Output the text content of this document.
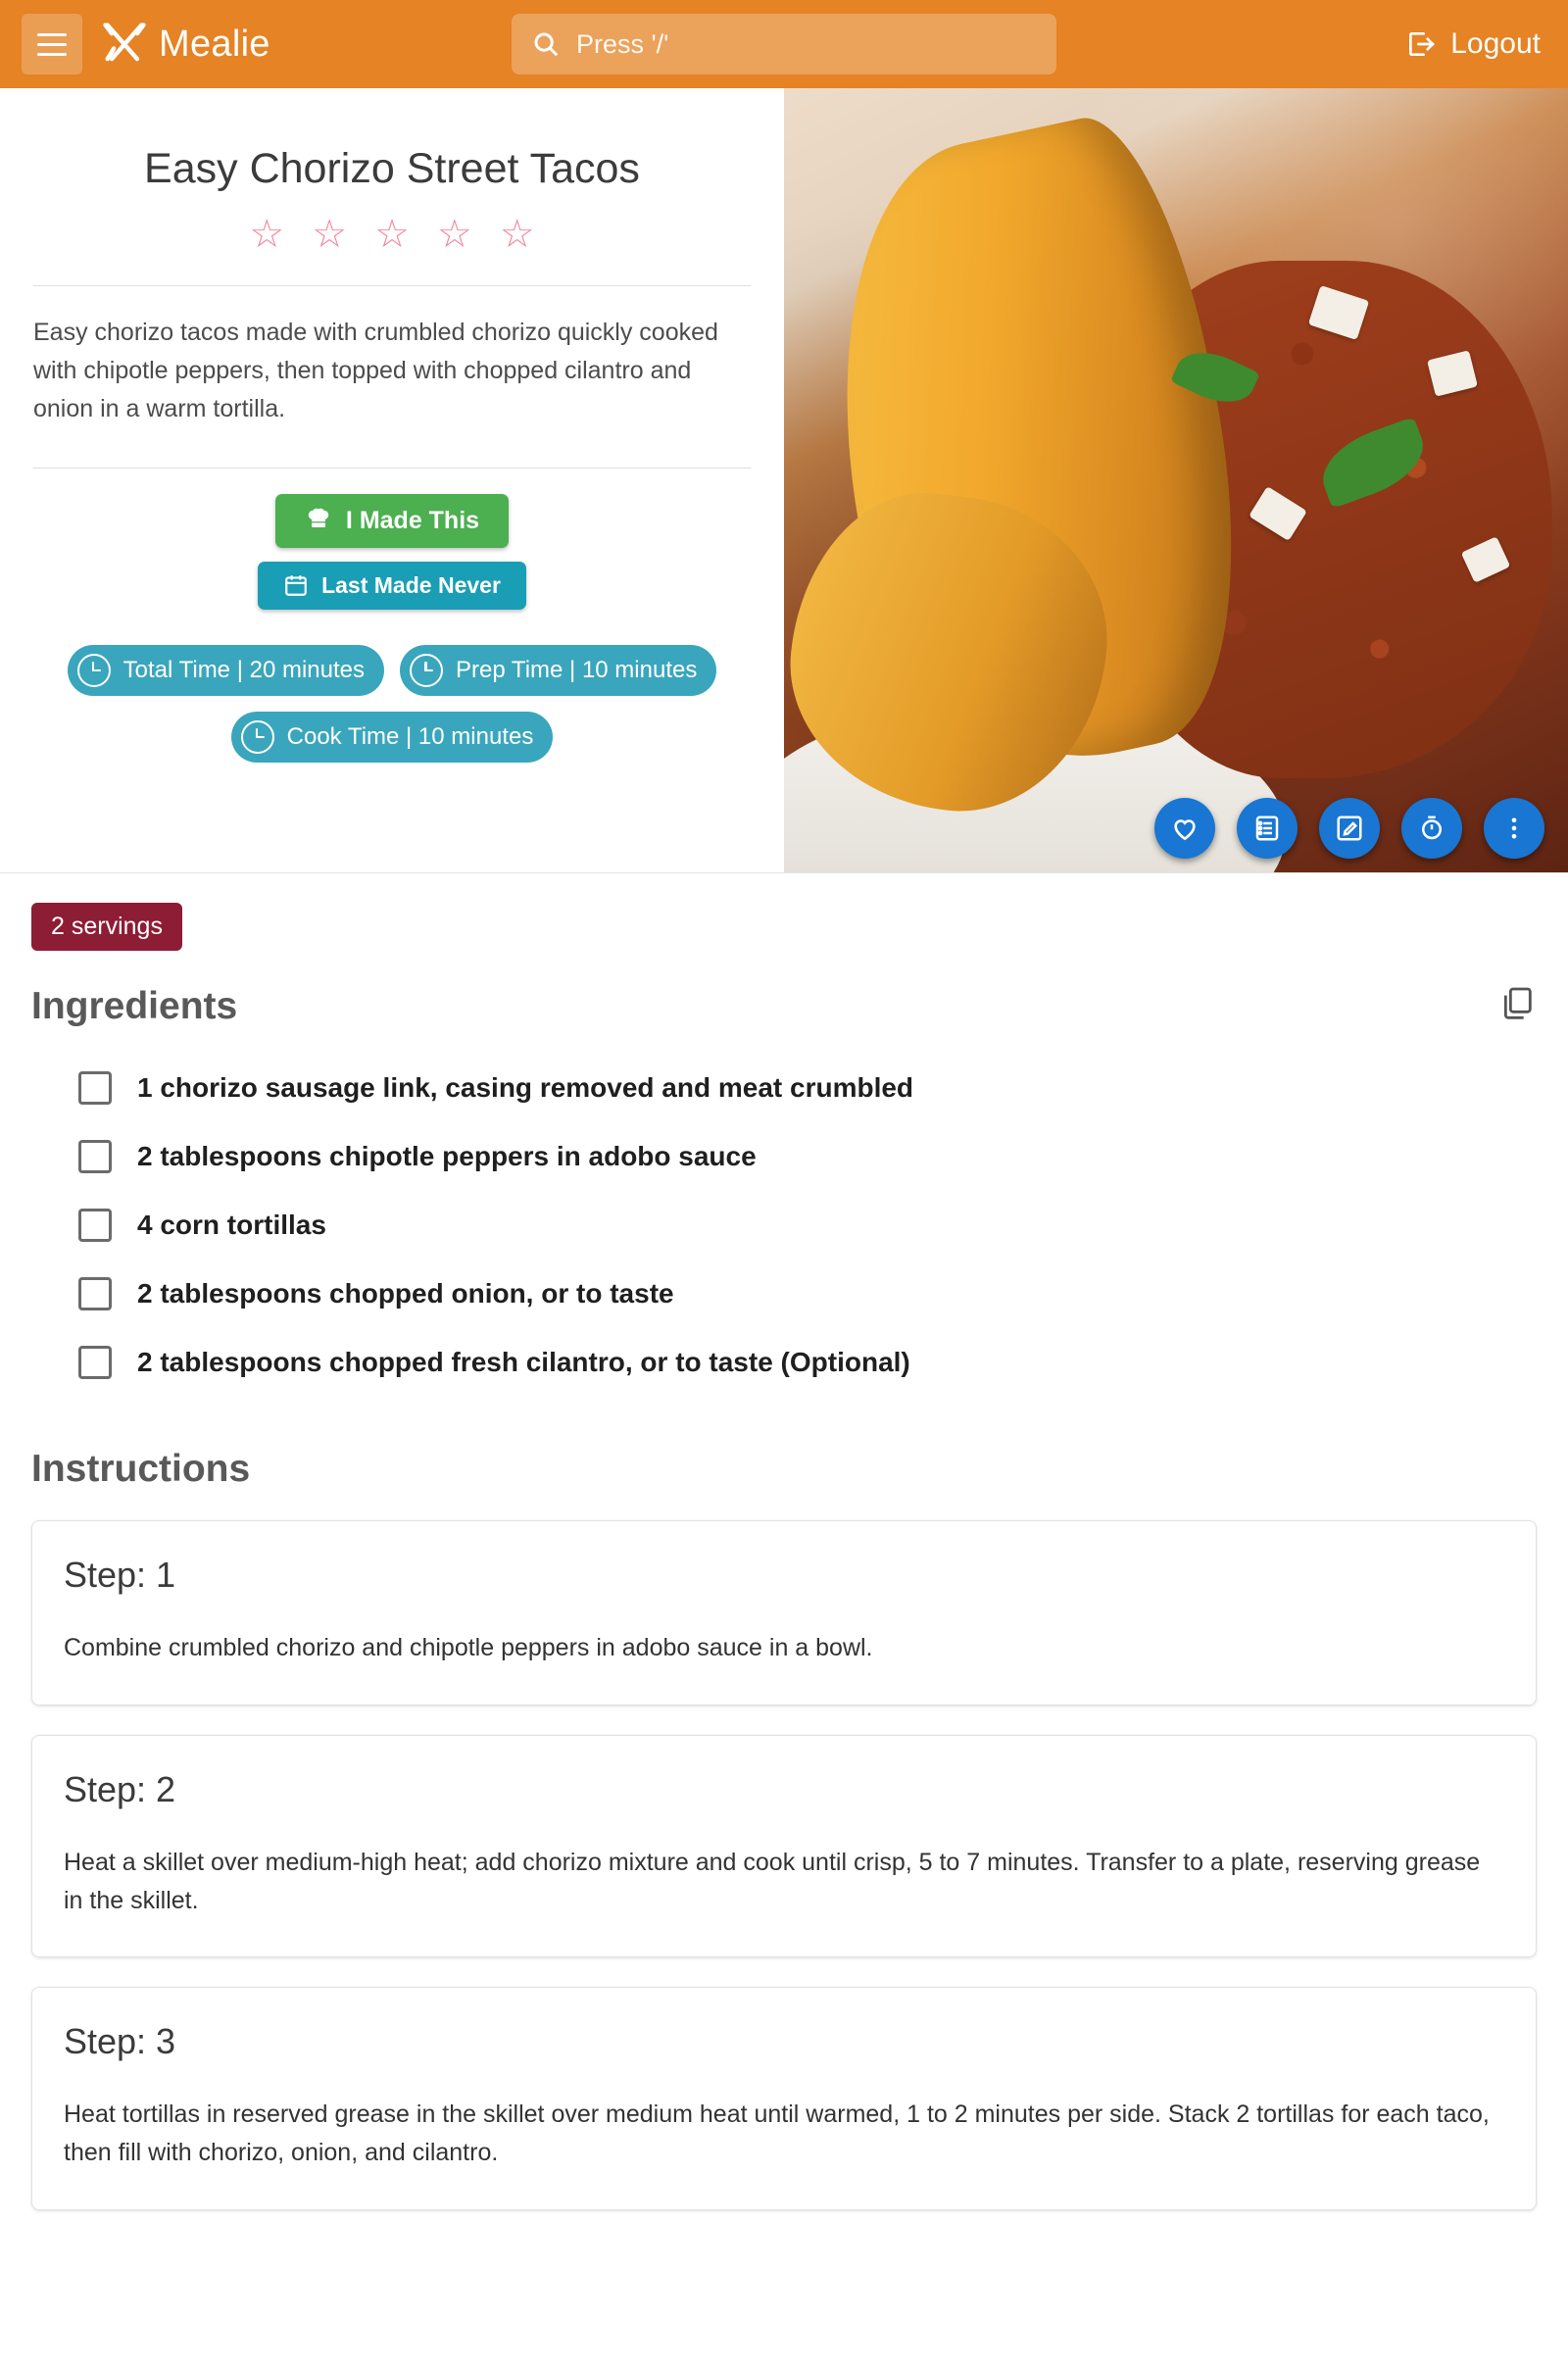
Mealie	Press '/'	Logout
Easy Chorizo Street Tacos
☆ ☆ ☆ ☆ ☆

Easy chorizo tacos made with crumbled chorizo quickly cooked with chipotle peppers, then topped with chopped cilantro and onion in a warm tortilla.

I Made This
Last Made Never
Total Time | 20 minutes	Prep Time | 10 minutes
Cook Time | 10 minutes
2 servings
Ingredients
1 chorizo sausage link, casing removed and meat crumbled
2 tablespoons chipotle peppers in adobo sauce
4 corn tortillas
2 tablespoons chopped onion, or to taste
2 tablespoons chopped fresh cilantro, or to taste (Optional)
Instructions
Step: 1
Combine crumbled chorizo and chipotle peppers in adobo sauce in a bowl.
Step: 2
Heat a skillet over medium-high heat; add chorizo mixture and cook until crisp, 5 to 7 minutes. Transfer to a plate, reserving grease in the skillet.
Step: 3
Heat tortillas in reserved grease in the skillet over medium heat until warmed, 1 to 2 minutes per side. Stack 2 tortillas for each taco, then fill with chorizo, onion, and cilantro.
